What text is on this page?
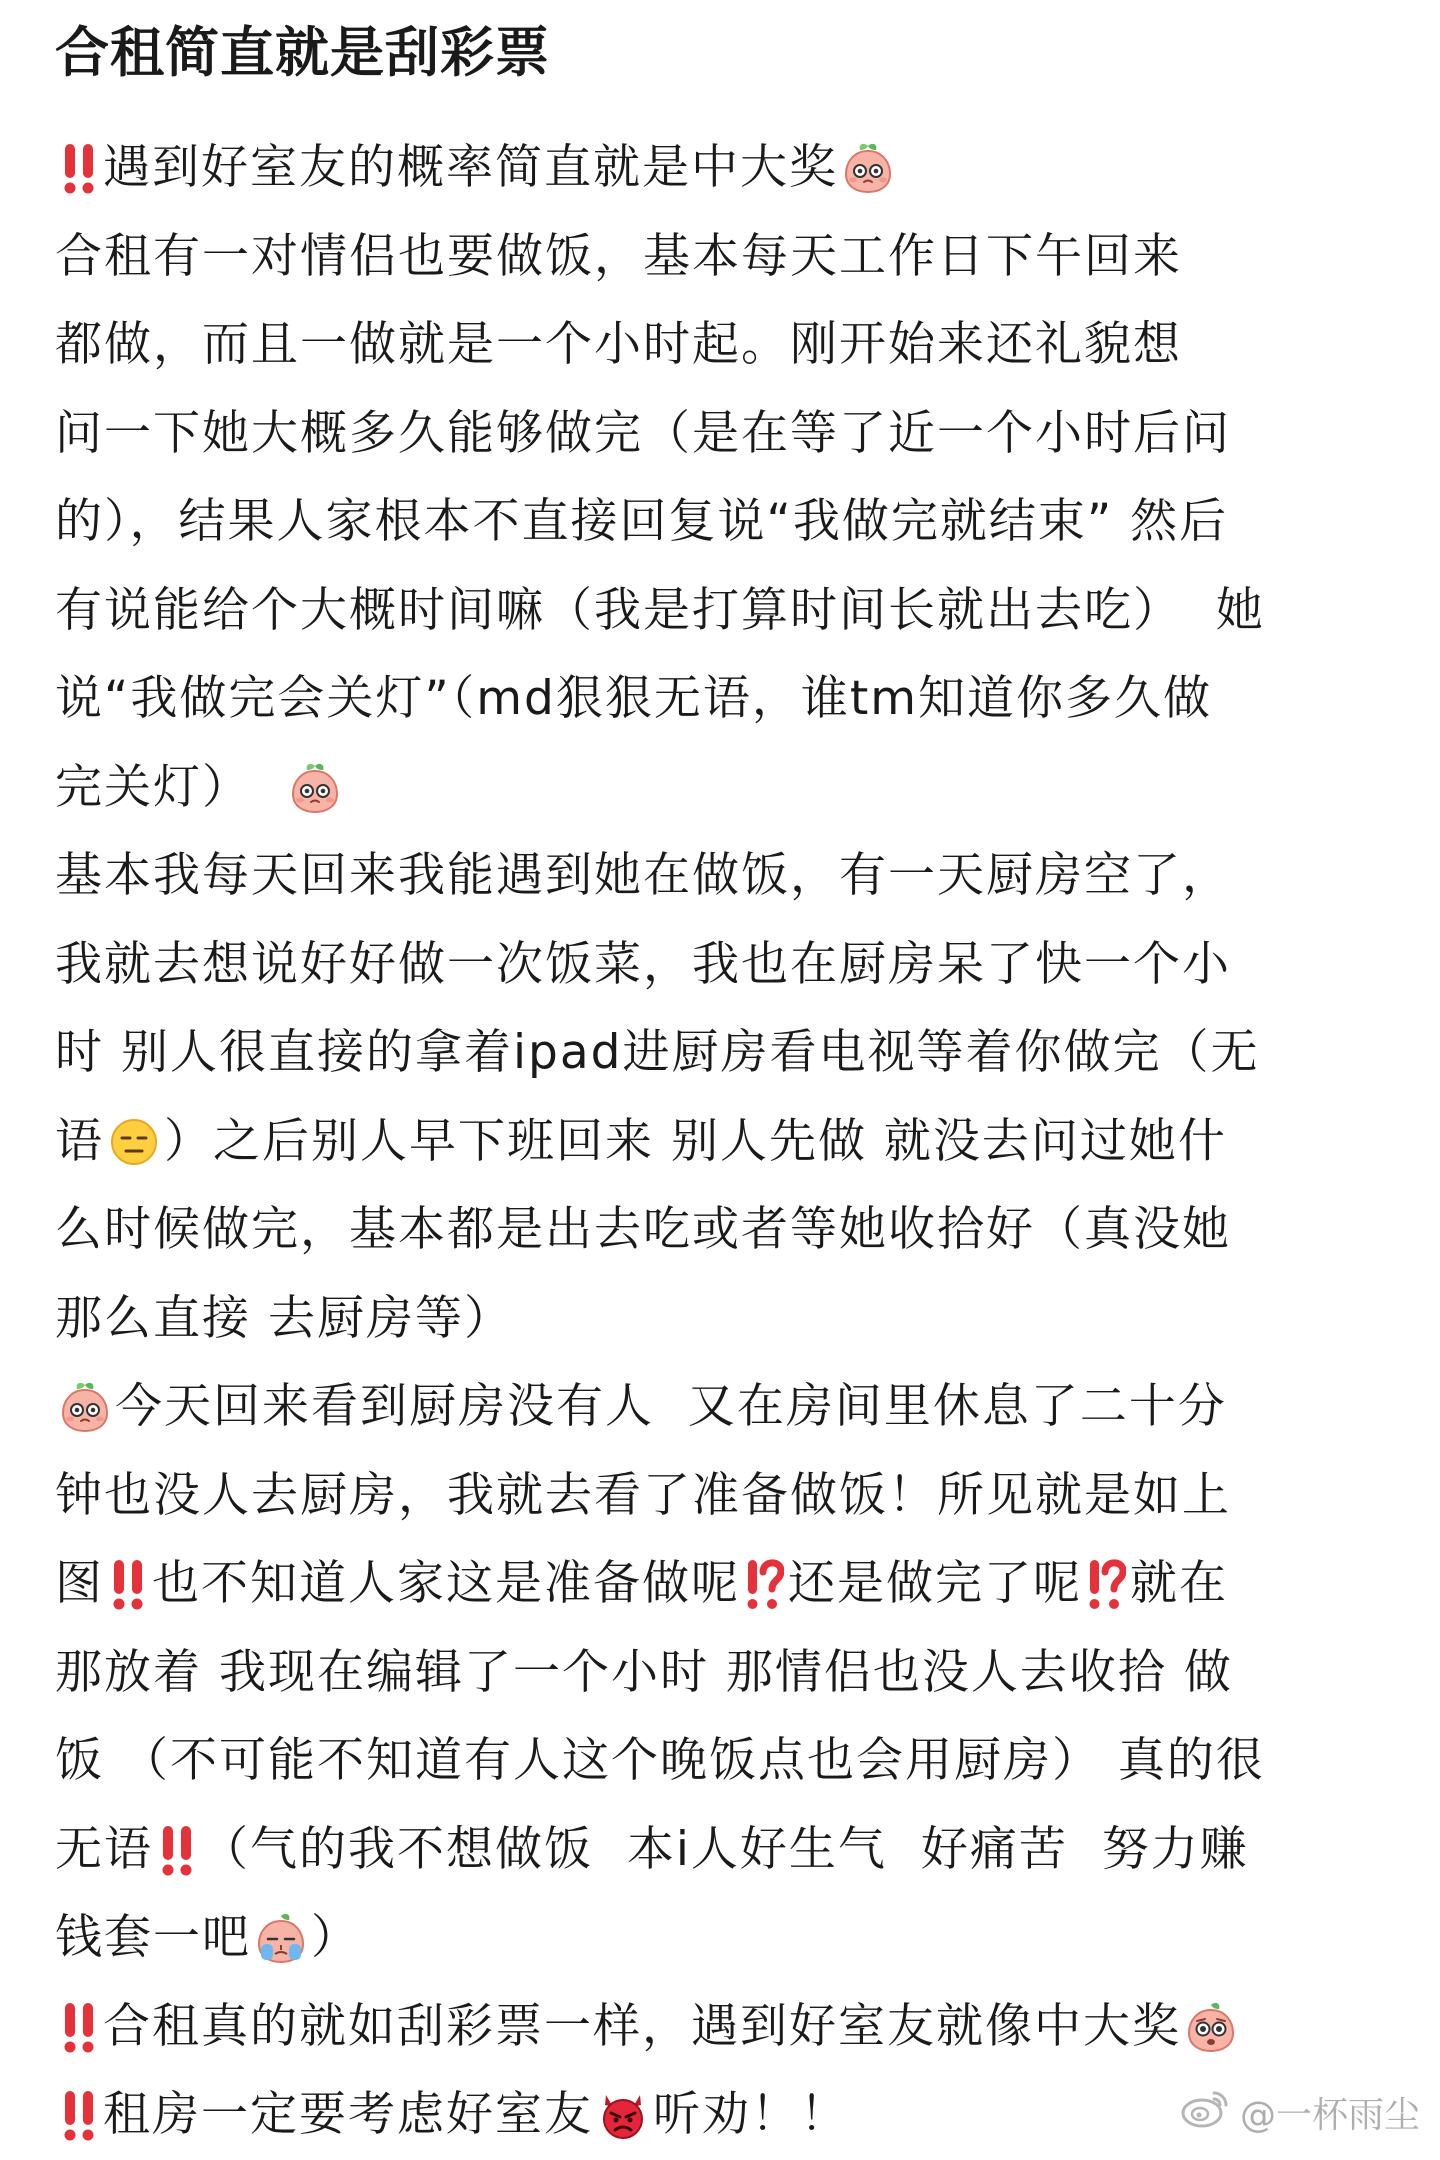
合租简直就是刮彩票
遇到好室友的概率简直就是中大奖
合租有一对情侣也要做饭，基本每天工作日下午回来
都做，而且一做就是一个小时起。刚开始来还礼貌想
问一下她大概多久能够做完（是在等了近一个小时后问
的），结果人家根本不直接回复说“我做完就结束” 然后
有说能给个大概时间嘛（我是打算时间长就出去吃）  她
说“我做完会关灯”（md狠狠无语，谁tm知道你多久做
完关灯）
基本我每天回来我能遇到她在做饭，有一天厨房空了，
我就去想说好好做一次饭菜，我也在厨房呆了快一个小
时 别人很直接的拿着ipad进厨房看电视等着你做完（无
语 ）之后别人早下班回来 别人先做 就没去问过她什
么时候做完，基本都是出去吃或者等她收拾好（真没她
那么直接 去厨房等）
今天回来看到厨房没有人  又在房间里休息了二十分
钟也没人去厨房，我就去看了准备做饭！所见就是如上
图 也不知道人家这是准备做呢 还是做完了呢 就在
那放着 我现在编辑了一个小时 那情侣也没人去收拾 做
饭 （不可能不知道有人这个晚饭点也会用厨房） 真的很
无语 （气的我不想做饭  本i人好生气  好痛苦  努力赚
钱套一吧 ）
合租真的就如刮彩票一样，遇到好室友就像中大奖
租房一定要考虑好室友 听劝！！	@一杯雨尘
